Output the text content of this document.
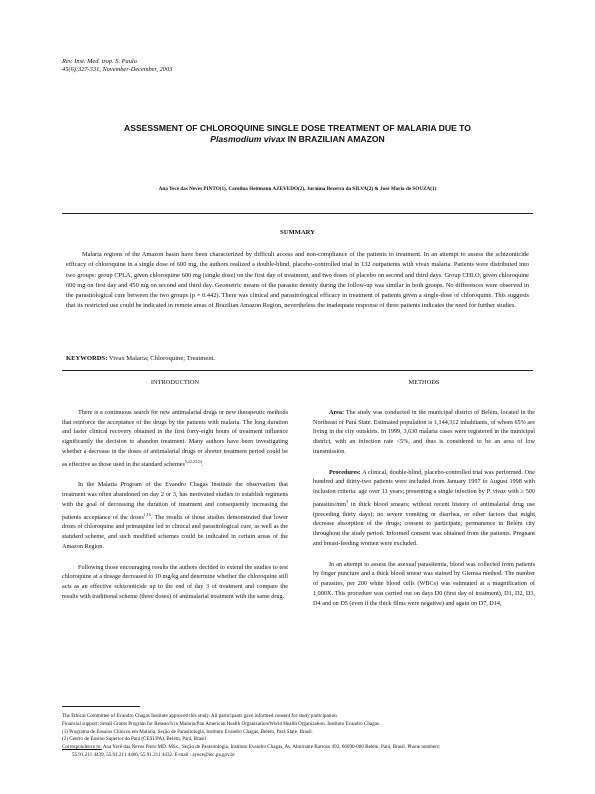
Rev. Inst. Med. trop. S. Paulo
45(6):327-331, November-December, 2003
ASSESSMENT OF CHLOROQUINE SINGLE DOSE TREATMENT OF MALARIA DUE TO
Plasmodium vivax IN BRAZILIAN AMAZON
Ana Yecê das Neves PINTO(1), Carolina Heitmann AZEVEDO(2), Juraíma Bezerra da SILVA(2) & José Maria de SOUZA(1)
SUMMARY
Malaria regions of the Amazon basin have been characterized by difficult access and non-compliance of the patients to treatment. In an attempt to assess the schizonticide efficacy of chloroquine in a single dose of 600 mg, the authors realized a double-blind, placebo-controlled trial in 132 outpatients with vivax malaria. Patients were distributed into two groups: group CPLA, given chloroquine 600 mg (single dose) on the first day of treatment, and two doses of placebo on second and third days. Group CHLO, given chloroquine 600 mg on first day and 450 mg on second and third day. Geometric means of the parasite density during the follow-up was similar in both groups. No differences were observed in the parasitological cure between the two groups (p = 0.442). There was clinical and parasitological efficacy in treatment of patients given a single-dose of chloroquine. This suggests that its restricted use could be indicated in remote areas of Brazilian Amazon Region, nevertheless the inadequate response of three patients indicates the need for further studies.
KEYWORDS: Vivax Malaria; Chloroquine; Treatment.
INTRODUCTION

There is a continuous search for new antimalarial drugs or new therapeutic methods that reinforce the acceptance of the drugs by the patients with malaria. The long duration and faster clinical recovery obtained in the first forty-eight hours of treatment influence significantly the decision to abandon treatment. Many authors have been investigating whether a decrease in the doses of antimalarial drugs or shorter treatment period could be as effective as those used in the standard schemes$^{5,22,23,24}$.

In the Malaria Program of the Evandro Chagas Institute the observation that treatment was often abandoned on day 2 or 3, has motivated studies to establish regimens with the goal of decreasing the duration of treatment and consequently increasing the patients acceptance of the doses$^{1,16}$. The results of those studies demonstrated that lower doses of chloroquine and primaquine led to clinical and parasitological cure, as well as the standard scheme, and such modified schemes could be indicated in certain areas of the Amazon Region.

Following those encouraging results the authors decided to extend the studies to test chloroquine at a dosage decreased to 10 mg/kg and determine whether the chloroquine still acts as an effective schizonticide up to the end of day 3 of treatment and compare the results with traditional scheme (three doses) of antimalarial treatment with the same drug.

METHODS

Area: The study was conducted in the municipal district of Belém, located in the Northeast of Pará State. Estimated population is 1,144,312 inhabitants, of whom 65% are living in the city outskirts. In 1999, 3,630 malaria cases were registered in the municipal district, with an infection rate <5%, and thus is considered to be an area of low transmission.

Procedures: A clinical, double-blind, placebo-controlled trial was performed. One hundred and thirty-two patients were included from January 1997 to August 1998 with inclusion criteria: age over 11 years; presenting a single infection by P. vivax with ≥ 500 parasites/$mm^3$ in thick blood smears; without recent history of antimalarial drug use (preceding thirty days); no severe vomiting or diarrhea, or other factors that might decrease absorption of the drugs; consent to participate; permanence in Belém city throughout the study period. Informed consent was obtained from the patients. Pregnant and breast-feeding women were excluded.

In an attempt to assess the asexual parasitemia, blood was collected from patients by finger puncture and a thick blood smear was stained by Giemsa method. The number of parasites, per 200 white blood cells (WBCs) was estimated at a magnification of 1,000X. This procedure was carried out on days D0 (first day of treatment), D1, D2, D3, D4 and on D5 (even if the thick films were negative) and again on D7, D14,

The Ethical Committee of Evandro Chagas Institute approved this study. All participants gave informed consent for study participation.
Financial support: Small Grants Program for Research in Malaria/Pan American Health Organization/World Health Organization. Instituto Evandro Chagas.
(1) Programa de Ensaios Clínicos em Malária, Seção de Parasitologia, Instituto Evandro Chagas, Belém, Pará State, Brasil.
(2) Centro de Ensino Superior do Pará (CESUPA), Belém, Pará, Brasil
Correspondence to: Ana Yecê das Neves Pinto MD. MSc., Seção de Parasitologia, Instituto Evandro Chagas, Av. Almirante Barroso 492, 66090-000 Belém, Pará, Brasil. Phone numbers:
55.91.211 4439, 55.91.211 4466, 55.91.211 4432. E-mail : ayece@iec.pa.gov.br
